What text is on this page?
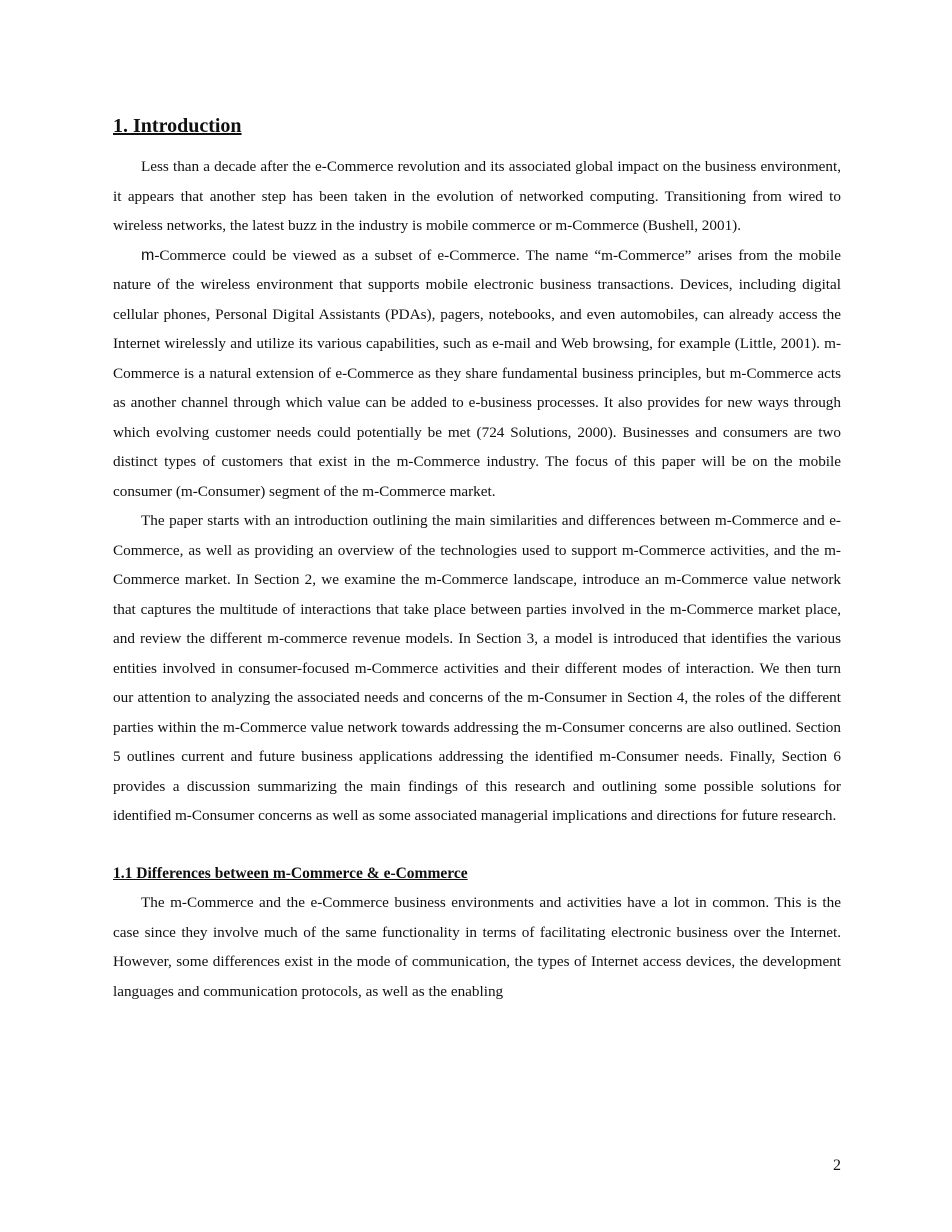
1. Introduction

Less than a decade after the e-Commerce revolution and its associated global impact on the business environment, it appears that another step has been taken in the evolution of networked computing. Transitioning from wired to wireless networks, the latest buzz in the industry is mobile commerce or m-Commerce (Bushell, 2001).

m-Commerce could be viewed as a subset of e-Commerce. The name “m-Commerce” arises from the mobile nature of the wireless environment that supports mobile electronic business transactions. Devices, including digital cellular phones, Personal Digital Assistants (PDAs), pagers, notebooks, and even automobiles, can already access the Internet wirelessly and utilize its various capabilities, such as e-mail and Web browsing, for example (Little, 2001). m-Commerce is a natural extension of e-Commerce as they share fundamental business principles, but m-Commerce acts as another channel through which value can be added to e-business processes. It also provides for new ways through which evolving customer needs could potentially be met (724 Solutions, 2000). Businesses and consumers are two distinct types of customers that exist in the m-Commerce industry. The focus of this paper will be on the mobile consumer (m-Consumer) segment of the m-Commerce market.

The paper starts with an introduction outlining the main similarities and differences between m-Commerce and e-Commerce, as well as providing an overview of the technologies used to support m-Commerce activities, and the m-Commerce market. In Section 2, we examine the m-Commerce landscape, introduce an m-Commerce value network that captures the multitude of interactions that take place between parties involved in the m-Commerce market place, and review the different m-commerce revenue models. In Section 3, a model is introduced that identifies the various entities involved in consumer-focused m-Commerce activities and their different modes of interaction. We then turn our attention to analyzing the associated needs and concerns of the m-Consumer in Section 4, the roles of the different parties within the m-Commerce value network towards addressing the m-Consumer concerns are also outlined. Section 5 outlines current and future business applications addressing the identified m-Consumer needs. Finally, Section 6 provides a discussion summarizing the main findings of this research and outlining some possible solutions for identified m-Consumer concerns as well as some associated managerial implications and directions for future research.

1.1 Differences between m-Commerce & e-Commerce

The m-Commerce and the e-Commerce business environments and activities have a lot in common. This is the case since they involve much of the same functionality in terms of facilitating electronic business over the Internet. However, some differences exist in the mode of communication, the types of Internet access devices, the development languages and communication protocols, as well as the enabling

2
